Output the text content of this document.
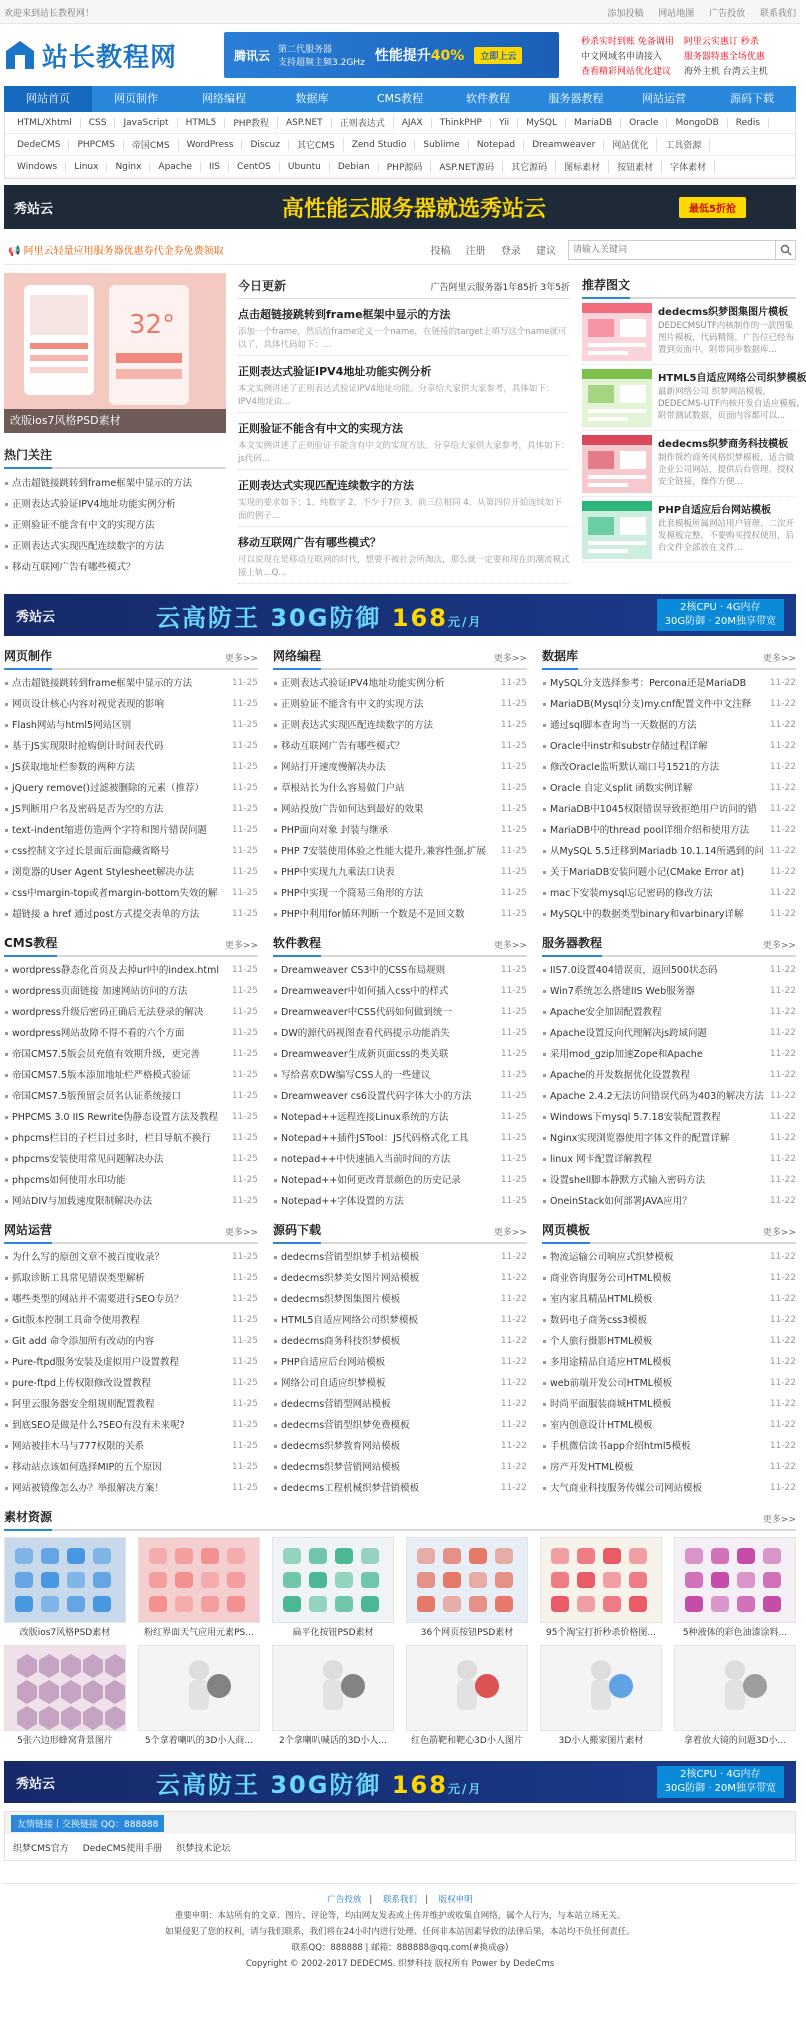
欢迎来到站长教程网！	添加投稿 网站地图 广告投放 联系我们
站长教程网	腾讯云 第二代服务器
支持超频主频3.2GHz 性能提升40%	立即上云
秒杀实时到账 免备调用 阿里云实惠订 秒杀
中文网域名申请接入	服务器特惠全场优惠
查看精彩网站优化建议	海外主机 台湾云主机
网站首页	网页制作	网络编程	数据库	CMS教程	软件教程	服务器教程	网站运营	源码下载
HTML/Xhtml	CSS	JavaScript	HTML5	PHP教程	ASP.NET	正则表达式	AJAX	ThinkPHP	Yii	MySQL	MariaDB	Oracle	MongoDB	Redis
DedeCMS	PHPCMS	帝国CMS	WordPress	Discuz	其它CMS	Zend Studio	Sublime	Notepad	Dreamweaver	网站优化	工具资源
Windows	Linux	Nginx	Apache	IIS	CentOS	Ubuntu	Debian	PHP源码	ASP.NET源码	其它源码	图标素材	按钮素材	字体素材
秀站云	高性能云服务器就选秀站云	最低5折抢
📢 阿里云轻量应用服务器优惠券代金券免费领取	投稿 注册 登录 建议
请输入关键词
32°
改版ios7风格PSD素材
热门关注
点击超链接跳转到frame框架中显示的方法
正则表达式验证IPV4地址功能实例分析
正则验证不能含有中文的实现方法
正则表达式实现匹配连续数字的方法
移动互联网广告有哪些模式？
今日更新	广告阿里云服务器1年85折 3年5折
点击超链接跳转到frame框架中显示的方法

添加一个frame，然后给frame定义一个name，在链接的target上填写这个name就可以了，具体代码如下：...

正则表达式验证IPV4地址功能实例分析

本文实例讲述了正则表达式验证IPV4地址功能。分享给大家供大家参考，具体如下：IPV4地址由...

正则验证不能含有中文的实现方法

本文实例讲述了正则验证不能含有中文的实现方法。分享给大家供大家参考，具体如下：js代码...

正则表达式实现匹配连续数字的方法

实现的要求如下：1、纯数字 2、不少于7位 3、前三位相同 4、从第四位开始连续如下面的例子...

移动互联网广告有哪些模式？

可以说现在是移动互联网的时代，想要不被社会所淘汰，那么就一定要和现在的潮流模式接上轨...Q...

推荐图文
dedecms织梦图集图片模板

DEDECMSUTF内核制作的一款图集图片模板，代码精简，广告位已经布置到页面中，附带同步数据库...

HTML5自适应网络公司织梦模板

最新网络公司 织梦网站模板，DEDECMS-UTF内核开发自适应模板，附带测试数据，页面内容都可以...

dedecms织梦商务科技模板

制作简约商务风格织梦模板，适合做企业公司网站，提供后台管理，授权安全链接，操作方便...

PHP自适应后台网站模板

此套模板所属网站用户管理、二次开发模板完整，不要购买授权使用，后台文件全部放在文件...

秀站云	云高防王 30G防御 168元/月
2核CPU · 4G内存
30G防御 · 20M独享带宽
网页制作	更多>>
点击超链接跳转到frame框架中显示的方法	11-25
网页设计核心内容对视觉表现的影响	11-25
Flash网站与html5网站区别	11-25
基于JS实现限时抢购倒计时间表代码	11-25
JS获取地址栏参数的两种方法	11-25
jQuery remove()过滤被删除的元素（推荐）	11-25
JS判断用户名及密码是否为空的方法	11-25
text-indent缩进仿造两个字符和图片错误问题	11-25
css控制文字过长景面后面隐藏省略号	11-25
浏览器的User Agent Stylesheet解决办法	11-25
css中margin-top或者margin-bottom失效的解 11-25
超链接 a href 通过post方式提交表单的方法	11-25
网络编程	更多>>
正则表达式验证IPV4地址功能实例分析	11-25
正则验证不能含有中文的实现方法	11-25
正则表达式实现匹配连续数字的方法	11-25
移动互联网广告有哪些模式？	11-25
网站打开速度慢解决办法	11-25
草根站长为什么容易做门户站	11-25
网站投放广告如何达到最好的效果	11-25
PHP面向对象 封装与继承	11-25
PHP 7安装使用体验之性能大提升,兼容性强,扩展 11-25
PHP中实现九九乘法口诀表	11-25
PHP中实现一个简易三角形的方法	11-25
PHP中利用for循环判断一个数是不是回文数	11-25
数据库	更多>>
MySQL分支选择参考：Percona还是MariaDB	11-22
MariaDB(Mysql分支)my.cnf配置文件中文注释 11-22
通过sql脚本查询当一天数据的方法	11-22
Oracle中instr和substr存储过程详解	11-22
修改Oracle监听默认端口号1521的方法	11-22
Oracle 自定义split 函数实例详解	11-22
MariaDB中1045权限错误导致拒绝用户访问的错 11-22
MariaDB中的thread pool详细介绍和使用方法 11-22
从MySQL 5.5迁移到Mariadb 10.1.14所遇到的问 11-22
关于MariaDB安装问题小记(CMake Error at)	11-22
mac下安装mysql忘记密码的修改方法	11-22
MySQL中的数据类型binary和varbinary详解	11-22
CMS教程	更多>>
wordpress静态化首页及去掉url中的index.html 11-25
wordpress页面链接 加速网站访问的方法	11-25
wordpress升级后密码正确后无法登录的解决	11-25
wordpress网站故障不得不看的六个方面	11-25
帝国CMS7.5版会员充值有效期升级，更完善	11-25
帝国CMS7.5版本添加地址栏严格模式验证	11-25
帝国CMS7.5版预留会员名认证系统接口	11-25
PHPCMS 3.0 IIS Rewrite伪静态设置方法及教程 11-25
phpcms栏目的子栏目过多时，栏目导航不换行 11-25
phpcms安装使用常见问题解决办法	11-25
phpcms如何使用水印功能	11-25
网站DIV与加载速度限制解决办法	11-25
软件教程	更多>>
Dreamweaver CS3中的CSS布局规则	11-25
Dreamweaver中如何插入css中的样式	11-25
Dreamweaver中CSS代码如何做到统一	11-25
DW的源代码视图查看代码提示功能消失	11-25
Dreamweaver生成新页面css的类关联	11-25
写给喜欢DW编写CSS人的一些建议	11-25
Dreamweaver cs6设置代码字体大小的方法	11-25
Notepad++远程连接Linux系统的方法	11-25
Notepad++插件JSTool：JS代码格式化工具	11-25
notepad++中快速插入当前时间的方法	11-25
Notepad++如何更改背景颜色的历史记录	11-25
Notepad++字体设置的方法	11-25
服务器教程	更多>>
IIS7.0设置404错误页，返回500状态码	11-22
Win7系统怎么搭建IIS Web服务器	11-22
Apache安全加固配置教程	11-22
Apache设置反向代理解决js跨域问题	11-22
采用mod_gzip加速Zope和Apache	11-22
Apache的开发数据优化设置教程	11-22
Apache 2.4.2无法访问错误代码为403的解决方法 11-22
Windows下mysql 5.7.18安装配置教程	11-22
Nginx实现浏览器使用字体文件的配置详解	11-22
linux 网卡配置详解教程	11-22
设置shell脚本静默方式输入密码方法	11-22
OneinStack如何部署JAVA应用？	11-22
网站运营	更多>>
为什么写的原创文章不被百度收录？	11-25
抓取诊断工具常见错误类型解析	11-25
哪些类型的网站并不需要进行SEO专员？	11-25
Git版本控制工具命令使用教程	11-25
Git add 命令添加所有改动的内容	11-25
Pure-ftpd服务安装及虚拟用户设置教程	11-25
pure-ftpd上传权限修改设置教程	11-25
阿里云服务器安全组规则配置教程	11-25
到底SEO是做是什么?SEO有没有未来呢?	11-25
网站被挂木马与777权限的关系	11-25
移动站点该如何选择MIP的五个原因	11-25
网站被镜像怎么办？举报解决方案！	11-25
源码下载	更多>>
dedecms营销型织梦手机站模板	11-22
dedecms织梦美女图片网站模板	11-22
dedecms织梦图集图片模板	11-22
HTML5自适应网络公司织梦模板	11-22
dedecms商务科技织梦模板	11-22
PHP自适应后台网站模板	11-22
网络公司自适应织梦模板	11-22
dedecms营销型网站模板	11-22
dedecms营销型织梦免费模板	11-22
dedecms织梦教育网站模板	11-22
dedecms织梦营销网站模板	11-22
dedecms工程机械织梦营销模板	11-22
网页模板	更多>>
物流运输公司响应式织梦模板	11-22
商业咨询服务公司HTML模板	11-22
室内家具精品HTML模板	11-22
数码电子商务css3模板	11-22
个人旅行摄影HTML模板	11-22
多用途精品自适应HTML模板	11-22
web前端开发公司HTML模板	11-22
时尚平面服装商城HTML模板	11-22
室内创意设计HTML模板	11-22
手机微信读书app介绍html5模板	11-22
房产开发HTML模板	11-22
大气商业科技服务传媒公司网站模板	11-22
素材资源	更多>>
改版ios7风格PSD素材	粉红界面天气应用元素PS...	扁平化按钮PSD素材	36个网页按钮PSD素材	95个淘宝打折秒杀价格图...	5种液体的彩色油漆涂料...
5张六边形蜂窝背景图片	5个拿着喇叭的3D小人商...	2个拿喇叭喊话的3D小人...	红色箭靶和靶心3D小人图片	3D小人搬家图片素材	拿着放大镜的问题3D小...
秀站云	云高防王 30G防御 168元/月
2核CPU · 4G内存
30G防御 · 20M独享带宽
友情链接丨交换链接 QQ：888888
织梦CMS官方 DedeCMS使用手册 织梦技术论坛
广告投放 | 联系我们 | 版权申明
重要申明：本站所有的文章、图片、评论等，均由网友发表或上传并维护或收集自网络，属个人行为，与本站立场无关。
如果侵犯了您的权利，请与我们联系，我们将在24小时内进行处理、任何非本站因素导致的法律后果，本站均不负任何责任。
联系QQ：888888 | 邮箱：888888@qq.com(#换成@)
Copyright © 2002-2017 DEDECMS. 织梦科技 版权所有 Power by DedeCms
